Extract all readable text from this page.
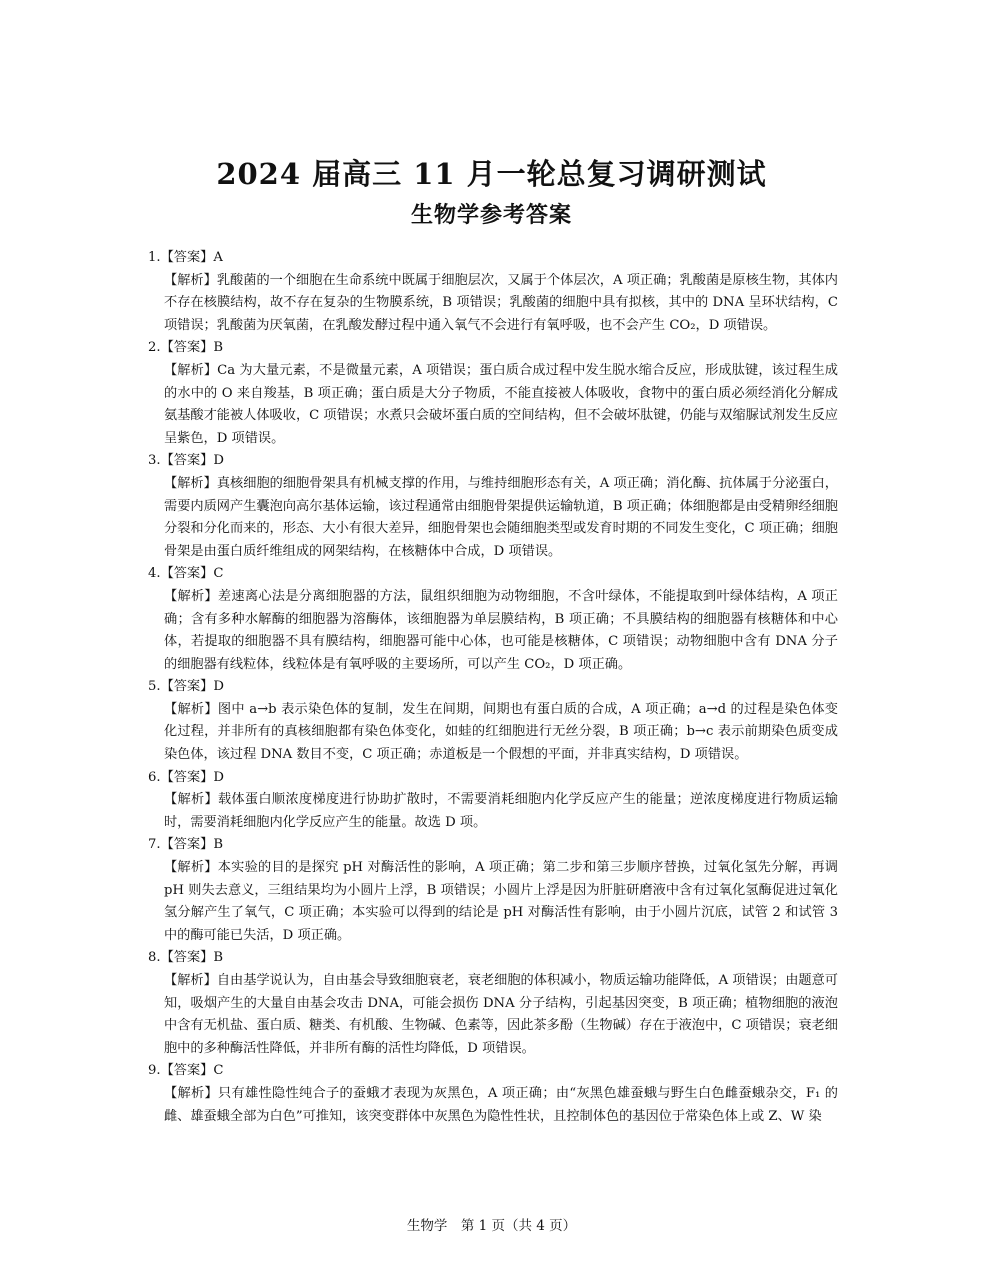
2024 届高三 11 月一轮总复习调研测试
生物学参考答案

1.【答案】A

【解析】乳酸菌的一个细胞在生命系统中既属于细胞层次，又属于个体层次，A 项正确；乳酸菌是原核生物，其体内不存在核膜结构，故不存在复杂的生物膜系统，B 项错误；乳酸菌的细胞中具有拟核，其中的 DNA 呈环状结构，C 项错误；乳酸菌为厌氧菌，在乳酸发酵过程中通入氧气不会进行有氧呼吸，也不会产生 CO₂，D 项错误。

2.【答案】B

【解析】Ca 为大量元素，不是微量元素，A 项错误；蛋白质合成过程中发生脱水缩合反应，形成肽键，该过程生成的水中的 O 来自羧基，B 项正确；蛋白质是大分子物质，不能直接被人体吸收，食物中的蛋白质必须经消化分解成氨基酸才能被人体吸收，C 项错误；水煮只会破坏蛋白质的空间结构，但不会破坏肽键，仍能与双缩脲试剂发生反应呈紫色，D 项错误。

3.【答案】D

【解析】真核细胞的细胞骨架具有机械支撑的作用，与维持细胞形态有关，A 项正确；消化酶、抗体属于分泌蛋白，需要内质网产生囊泡向高尔基体运输，该过程通常由细胞骨架提供运输轨道，B 项正确；体细胞都是由受精卵经细胞分裂和分化而来的，形态、大小有很大差异，细胞骨架也会随细胞类型或发育时期的不同发生变化，C 项正确；细胞骨架是由蛋白质纤维组成的网架结构，在核糖体中合成，D 项错误。

4.【答案】C

【解析】差速离心法是分离细胞器的方法，鼠组织细胞为动物细胞，不含叶绿体，不能提取到叶绿体结构，A 项正确；含有多种水解酶的细胞器为溶酶体，该细胞器为单层膜结构，B 项正确；不具膜结构的细胞器有核糖体和中心体，若提取的细胞器不具有膜结构，细胞器可能中心体，也可能是核糖体，C 项错误；动物细胞中含有 DNA 分子的细胞器有线粒体，线粒体是有氧呼吸的主要场所，可以产生 CO₂，D 项正确。

5.【答案】D

【解析】图中 a→b 表示染色体的复制，发生在间期，间期也有蛋白质的合成，A 项正确；a→d 的过程是染色体变化过程，并非所有的真核细胞都有染色体变化，如蛙的红细胞进行无丝分裂，B 项正确；b→c 表示前期染色质变成染色体，该过程 DNA 数目不变，C 项正确；赤道板是一个假想的平面，并非真实结构，D 项错误。

6.【答案】D

【解析】载体蛋白顺浓度梯度进行协助扩散时，不需要消耗细胞内化学反应产生的能量；逆浓度梯度进行物质运输时，需要消耗细胞内化学反应产生的能量。故选 D 项。

7.【答案】B

【解析】本实验的目的是探究 pH 对酶活性的影响，A 项正确；第二步和第三步顺序替换，过氧化氢先分解，再调 pH 则失去意义，三组结果均为小圆片上浮，B 项错误；小圆片上浮是因为肝脏研磨液中含有过氧化氢酶促进过氧化氢分解产生了氧气，C 项正确；本实验可以得到的结论是 pH 对酶活性有影响，由于小圆片沉底，试管 2 和试管 3 中的酶可能已失活，D 项正确。

8.【答案】B

【解析】自由基学说认为，自由基会导致细胞衰老，衰老细胞的体积减小，物质运输功能降低，A 项错误；由题意可知，吸烟产生的大量自由基会攻击 DNA，可能会损伤 DNA 分子结构，引起基因突变，B 项正确；植物细胞的液泡中含有无机盐、蛋白质、糖类、有机酸、生物碱、色素等，因此茶多酚（生物碱）存在于液泡中，C 项错误；衰老细胞中的多种酶活性降低，并非所有酶的活性均降低，D 项错误。

9.【答案】C

【解析】只有雄性隐性纯合子的蚕蛾才表现为灰黑色，A 项正确；由“灰黑色雄蚕蛾与野生白色雌蚕蛾杂交，F₁ 的雌、雄蚕蛾全部为白色”可推知，该突变群体中灰黑色为隐性性状，且控制体色的基因位于常染色体上或 Z、W 染

生物学　第 1 页（共 4 页）
